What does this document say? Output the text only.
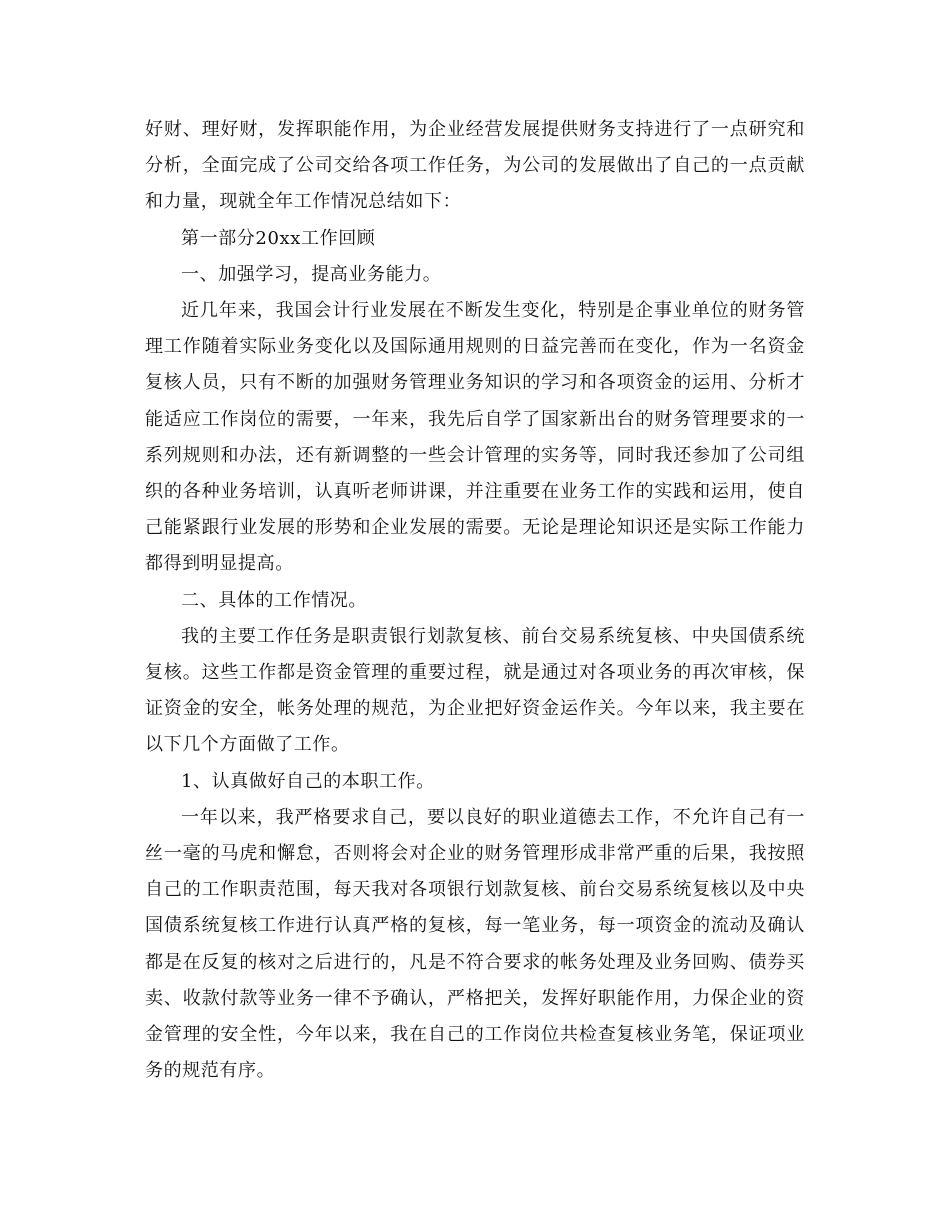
好财、理好财，发挥职能作用，为企业经营发展提供财务支持进行了一点研究和分析，全面完成了公司交给各项工作任务，为公司的发展做出了自己的一点贡献和力量，现就全年工作情况总结如下：

第一部分20xx工作回顾

一、加强学习，提高业务能力。

近几年来，我国会计行业发展在不断发生变化，特别是企事业单位的财务管理工作随着实际业务变化以及国际通用规则的日益完善而在变化，作为一名资金复核人员，只有不断的加强财务管理业务知识的学习和各项资金的运用、分析才能适应工作岗位的需要，一年来，我先后自学了国家新出台的财务管理要求的一系列规则和办法，还有新调整的一些会计管理的实务等，同时我还参加了公司组织的各种业务培训，认真听老师讲课，并注重要在业务工作的实践和运用，使自己能紧跟行业发展的形势和企业发展的需要。无论是理论知识还是实际工作能力都得到明显提高。

二、具体的工作情况。

我的主要工作任务是职责银行划款复核、前台交易系统复核、中央国债系统复核。这些工作都是资金管理的重要过程，就是通过对各项业务的再次审核，保证资金的安全，帐务处理的规范，为企业把好资金运作关。今年以来，我主要在以下几个方面做了工作。

1、认真做好自己的本职工作。

一年以来，我严格要求自己，要以良好的职业道德去工作，不允许自己有一丝一毫的马虎和懈怠，否则将会对企业的财务管理形成非常严重的后果，我按照自己的工作职责范围，每天我对各项银行划款复核、前台交易系统复核以及中央国债系统复核工作进行认真严格的复核，每一笔业务，每一项资金的流动及确认都是在反复的核对之后进行的，凡是不符合要求的帐务处理及业务回购、债券买卖、收款付款等业务一律不予确认，严格把关，发挥好职能作用，力保企业的资金管理的安全性，今年以来，我在自己的工作岗位共检查复核业务笔，保证项业务的规范有序。
